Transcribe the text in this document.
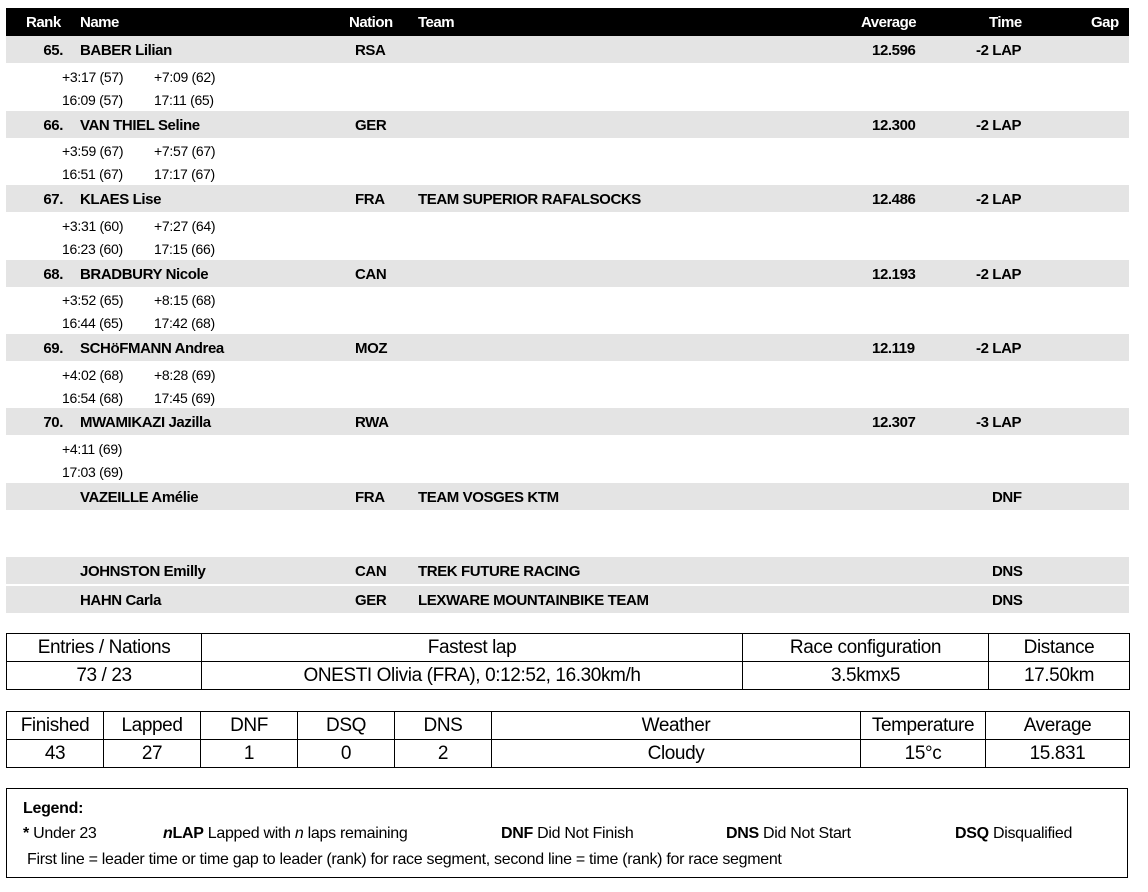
Rank Name	Nation Team	Average	Time	Gap
65. BABER Lilian	RSA	12.596	-2 LAP
+3:17 (57) +7:09 (62)
16:09 (57) 17:11 (65)
66. VAN THIEL Seline	GER	12.300	-2 LAP
+3:59 (67) +7:57 (67)
16:51 (67) 17:17 (67)
67. KLAES Lise	FRA TEAM SUPERIOR RAFALSOCKS	12.486	-2 LAP
+3:31 (60) +7:27 (64)
16:23 (60) 17:15 (66)
68. BRADBURY Nicole	CAN	12.193	-2 LAP
+3:52 (65) +8:15 (68)
16:44 (65) 17:42 (68)
69. SCHöFMANN Andrea	MOZ	12.119	-2 LAP
+4:02 (68) +8:28 (69)
16:54 (68) 17:45 (69)
70. MWAMIKAZI Jazilla	RWA	12.307	-3 LAP
+4:11 (69)
17:03 (69)
VAZEILLE Amélie	FRA TEAM VOSGES KTM	DNF
JOHNSTON Emilly	CAN TREK FUTURE RACING	DNS
HAHN Carla	GER LEXWARE MOUNTAINBIKE TEAM	DNS
Entries / Nations	Fastest lap	Race configuration	Distance
73 / 23	ONESTI Olivia (FRA), 0:12:52, 16.30km/h	3.5kmx5	17.50km
Finished	Lapped	DNF	DSQ	DNS	Weather	Temperature	Average
43	27	1	0	2	Cloudy	15°c	15.831
Legend:
* Under 23	nLAP Lapped with n laps remaining	DNF Did Not Finish	DNS Did Not Start	DSQ Disqualified
First line = leader time or time gap to leader (rank) for race segment, second line = time (rank) for race segment
